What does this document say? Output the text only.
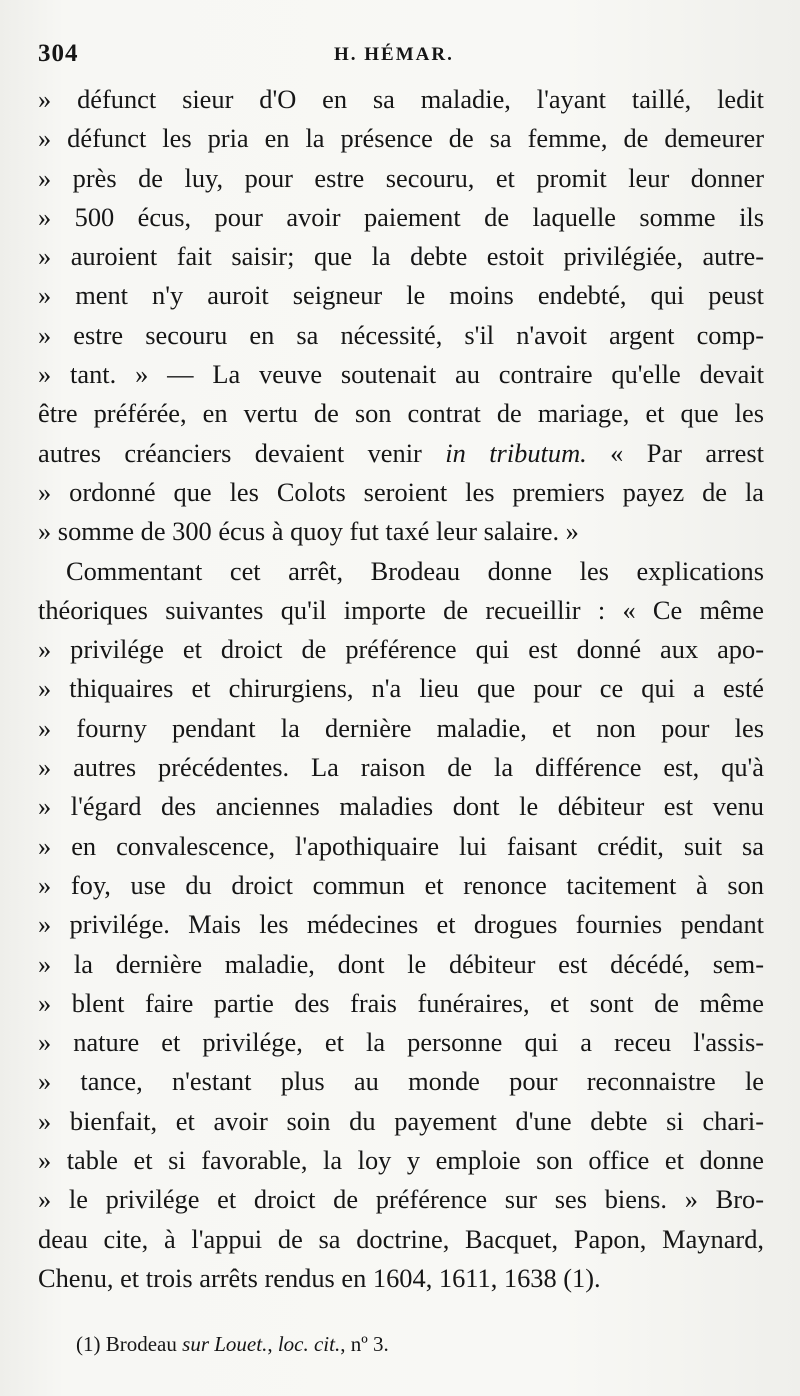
304	H. HÉMAR.
» défunct sieur d'O en sa maladie, l'ayant taillé, ledit
» défunct les pria en la présence de sa femme, de demeurer
» près de luy, pour estre secouru, et promit leur donner
» 500 écus, pour avoir paiement de laquelle somme ils
» auroient fait saisir; que la debte estoit privilégiée, autre-
» ment n'y auroit seigneur le moins endebté, qui peust
» estre secouru en sa nécessité, s'il n'avoit argent comp-
» tant. » — La veuve soutenait au contraire qu'elle devait
être préférée, en vertu de son contrat de mariage, et que les
autres créanciers devaient venir in tributum. « Par arrest
» ordonné que les Colots seroient les premiers payez de la
» somme de 300 écus à quoy fut taxé leur salaire. »
Commentant cet arrêt, Brodeau donne les explications
théoriques suivantes qu'il importe de recueillir : « Ce même
» privilége et droict de préférence qui est donné aux apo-
» thiquaires et chirurgiens, n'a lieu que pour ce qui a esté
» fourny pendant la dernière maladie, et non pour les
» autres précédentes. La raison de la différence est, qu'à
» l'égard des anciennes maladies dont le débiteur est venu
» en convalescence, l'apothiquaire lui faisant crédit, suit sa
» foy, use du droict commun et renonce tacitement à son
» privilége. Mais les médecines et drogues fournies pendant
» la dernière maladie, dont le débiteur est décédé, sem-
» blent faire partie des frais funéraires, et sont de même
» nature et privilége, et la personne qui a receu l'assis-
» tance, n'estant plus au monde pour reconnaistre le
» bienfait, et avoir soin du payement d'une debte si chari-
» table et si favorable, la loy y emploie son office et donne
» le privilége et droict de préférence sur ses biens. » Bro-
deau cite, à l'appui de sa doctrine, Bacquet, Papon, Maynard,
Chenu, et trois arrêts rendus en 1604, 1611, 1638 (1).
(1) Brodeau sur Louet., loc. cit., nº 3.
